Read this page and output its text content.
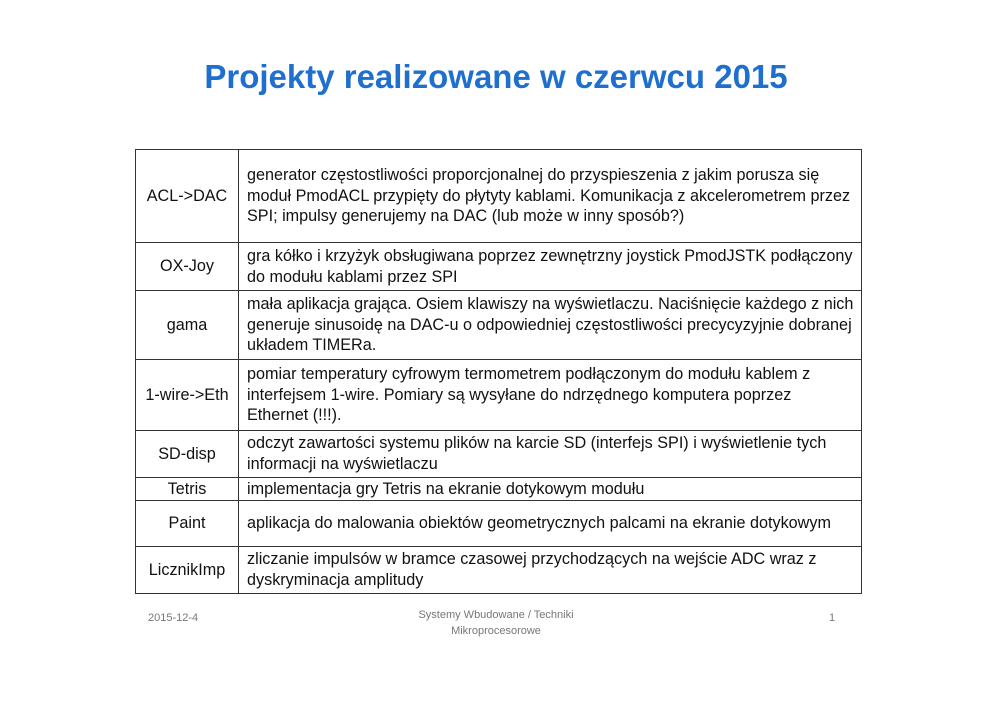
Projekty realizowane w czerwcu 2015
ACL->DAC	generator częstostliwości proporcjonalnej do przyspieszenia z jakim porusza się moduł PmodACL przypięty do płytyty kablami. Komunikacja z akcelerometrem przez SPI; impulsy generujemy na DAC (lub może w inny sposób?)
OX-Joy	gra kółko i krzyżyk obsługiwana poprzez zewnętrzny joystick PmodJSTK podłączony do modułu kablami przez SPI
gama	mała aplikacja grająca. Osiem klawiszy na wyświetlaczu. Naciśnięcie każdego z nich generuje sinusoidę na DAC-u o odpowiedniej częstostliwości precycyzyjnie dobranej układem TIMERa.
1-wire->Eth	pomiar temperatury cyfrowym termometrem podłączonym do modułu kablem z interfejsem 1-wire. Pomiary są wysyłane do ndrzędnego komputera poprzez Ethernet (!!!).
SD-disp	odczyt zawartości systemu plików na karcie SD (interfejs SPI) i wyświetlenie tych informacji na wyświetlaczu
Tetris	implementacja gry Tetris na ekranie dotykowym modułu
Paint	aplikacja do malowania obiektów geometrycznych palcami na ekranie dotykowym
LicznikImp	zliczanie impulsów w bramce czasowej przychodzących na wejście ADC wraz z dyskryminacja amplitudy
2015-12-4	Systemy Wbudowane / Techniki
Mikroprocesorowe
1
